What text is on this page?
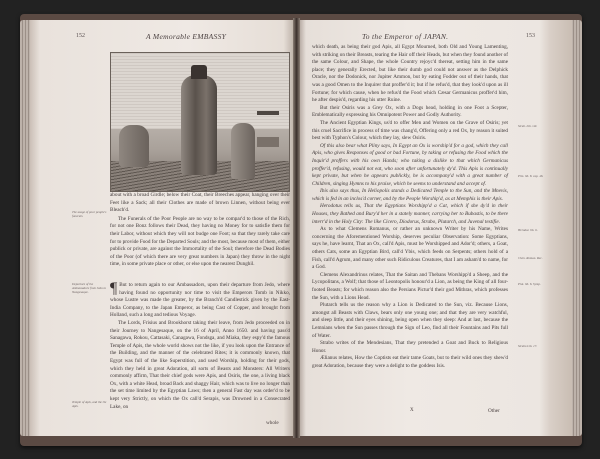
152	A Memorable EMBASSY

about with a broad Girdle; below their Coat, their Breeches appear, hanging over their Feet like a Sack; all their Clothes are made of brown Linnen, without being ever Bleach'd.

The Funerals of the Poor People are no way to be compar'd to those of the Rich, for not one Bonz follows their Dead, they having no Money for to satisfie them for their Labor, without which they will not budge one Foot; so that they rarely take care for to provide Food for the Departed Souls; and the most, because most of them, either publick or private, are against the Immortality of the Soul; therefore the Dead Bodies of the Poor (of which there are very great numbers in Japan) they throw in the night time, in some private place or other, or else upon the nearest Dunghil.

¶ But to return again to our Ambassadors, upon their departure from Jedo, where having found no opportunity nor time to visit the Emperors Tomb in Nikko, whose Lustre was made the greater, by the Branch'd Candlestick given by the East-India Company, to the Japan Emperor, as being Cast of Copper, and brought from Holland, such a long and tedious Voyage.

The Lords, Frisius and Brookhorst taking their leave, from Jedo proceeded on in their Journey to Nangesaque, on the 16 of April, Anno 1650. and having pass'd Sanagawa, Rokou, Cattasaki, Canagawa, Fondsga, and Miaka, they espy'd the famous Temple of Apis, the whole world shows not the like, if you look upon the Entrance of the Building, and the manner of the celebrated Rites; it is commonly known, that Egypt was full of the like Superstition, and used Worship, holding for their gods, which they held in great Adoration, all sorts of Beasts and Monsters: All Writers commonly affirm, That their chief gods were Apis, and Osiris, the one, a living black Ox, with a white Head, broad Back and shaggy Hair, which was to live no longer than the set time limited by the Egyptian Laws; then a general Fast day was order'd to be kept very Strictly, on which the Ox call'd Serapis, was Drowned in a Consecrated Lake, on

The usage of poor people's funerals.
Departure of the Ambassadors from Jedo to Nangesaque.
Temple of Apis, and the Ox Apis.
whole
To the Emperor of JAPAN.	153

which death, as being their god Apis, all Egypt Mourned, both Old and Young Lamenting, with striking on their Breasts, tearing the Hair off their Heads, but when they found another of the same Colour, and Shape, the whole Country rejoyc'd thereat, setting him in the same place; they generally Erected, but like their dumb god could not answer as the Delphick Oracle, nor the Dodonick, nor Jupiter Ammon, but by eating Fodder out of their hands, that was a good Omen to the Inquirer that proffer'd it; but if he refus'd, that they look'd upon as ill Fortune; for which cause, when he refus'd the Food which Cæsar Germanicus proffer'd him, he after despis'd, regarding his utter Ruine.

But their Osiris was a Grey Ox, with a Dogs head, holding in one Foot a Scepter, Emblematically expressing his Omnipotent Power and Godly Authority.

The Ancient Egyptian Kings, us'd to offer Men and Women on the Grave of Osiris; yet this cruel Sacrifice in process of time was chang'd, Offering only a red Ox, by reason it suited best with Typhon's Colour, which they lay, slew Osiris.

Of this also bear what Pliny says, In Egypt an Ox is worship'd for a god, which they call Apis, who gives Responses of good or bad Fortune, by taking or refusing the Food which the Inquir'd proffers with his own Hands; who taking a dislike to that which Germanicus proffer'd, refusing, would not eat, who soon after unfortunately dy'd. This Apis is continually kept private, but when he appears publickly, he is accompany'd with a great number of Children, singing Hymns to his praise, which he seems to understand and accept of.

Ibis also says thus, In Heliopolis stands a Dedicated Temple to the Sun, and the Mnevis, which is fed in an inclos'd corner, and by the People Worship'd, as at Memphis is their Apis.

Herodotus tells us, That the Egyptians Worshipp'd a Cat, which if she dy'd in their Houses, they Bathed and Bury'd her in a stately manner, carrying her to Bubastis, to be there interr'd in the Holy City: The like Cicero, Diodorus, Strabo, Plutarch, and Juvenal testifie.

As to what Clemens Romanus, or rather an unknown Writer by his Name, Writes concerning the Aforementioned Worship, deserves peculiar Observation: Some Egyptians, says he, have learnt, That an Ox, call'd Apis, must be Worshipped and Ador'd; others, a Goat, others Cats, some an Egyptian Bird, call'd Ybis, which feeds on Serpents; others hold of a Fish, call'd Agrum, and many other such Ridiculous Creatures, that I am asham'd to name, for a God.

Clemens Alexandrinus relates, That the Saitan and Thebans Worshipp'd a Sheep, and the Lycopolitans, a Wolf; that those of Leontopolis honour'd a Lion, as being the King of all four-footed Beasts; for which reason also the Persians Pictur'd their god Mithras, which professes the Sun, with a Lions Head.

Plutarch tells us the reason why a Lion is Dedicated to the Sun, viz. Because Lions, amongst all Beasts with Claws, bears only one young one; and that they are very watchful, and sleep little, and their eyes shining, being open when they sleep: And at last, because the Lemnians when the Sun passes through the Sign of Leo, find all their Fountains and Pits full of Water.

Strabo writes of the Mendesians, That they pretended a Goat and Buck to Religious Honor.

Ælianus relates, How the Coptists eat their tame Goats, but to their wild ones they shew'd great Adoration, because they were a delight to the goddess Isis.

Strab. Lib. viii.
Plin. lib. 8. cap. 46.
Herodot. lib. ii.
Clem. Roman. Rec.
Plut. lib. 6. Symp.
Strabo Lib. 17.
X	Other
